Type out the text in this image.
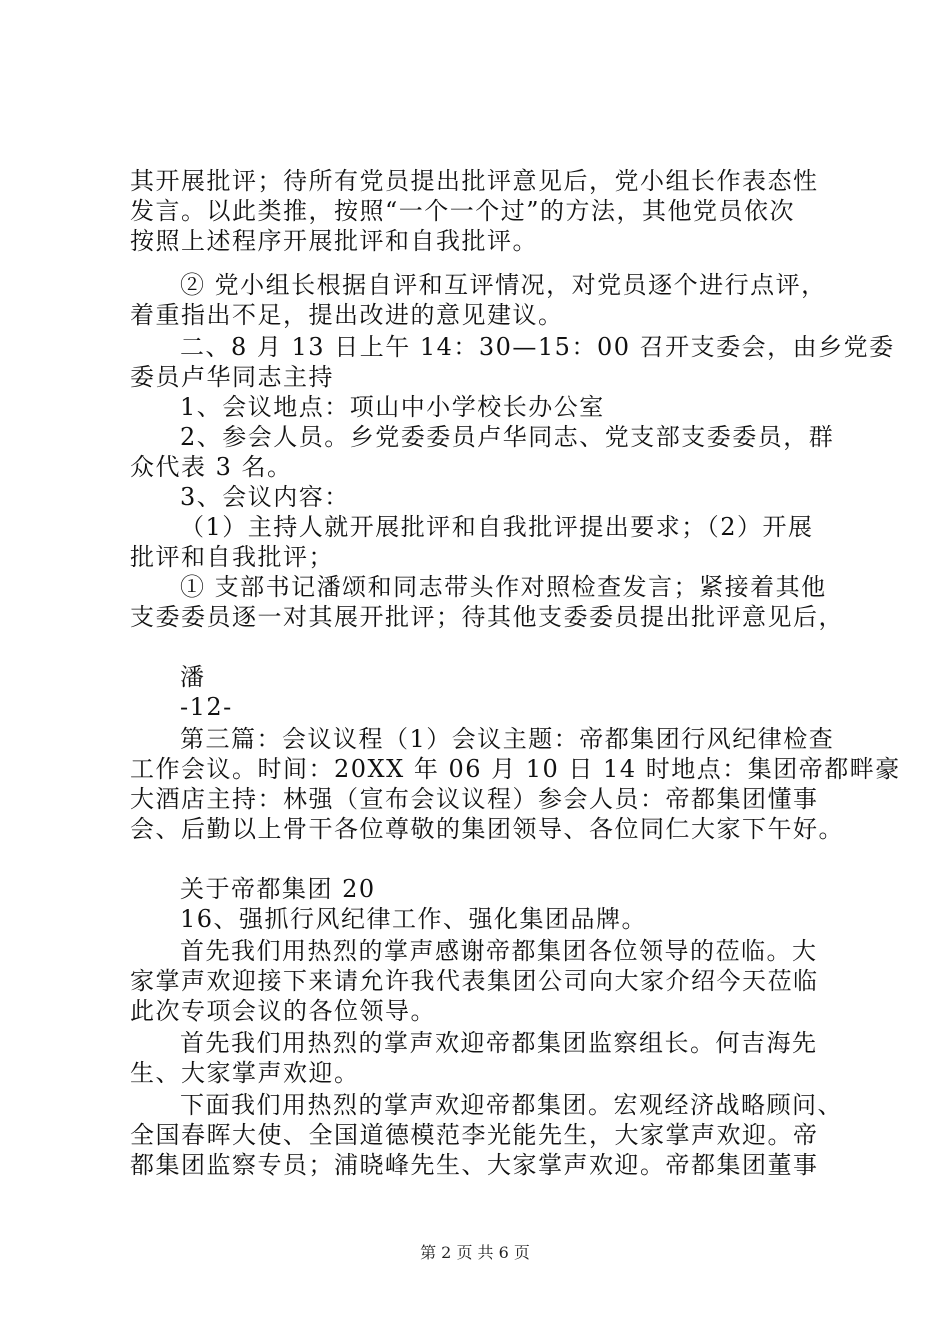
其开展批评；待所有党员提出批评意见后，党小组长作表态性
发言。以此类推，按照“一个一个过”的方法，其他党员依次
按照上述程序开展批评和自我批评。
② 党小组长根据自评和互评情况，对党员逐个进行点评，
着重指出不足，提出改进的意见建议。
二、8 月 13 日上午 14：30—15：00 召开支委会，由乡党委
委员卢华同志主持
1、会议地点：项山中小学校长办公室
2、参会人员。乡党委委员卢华同志、党支部支委委员，群
众代表 3 名。
3、会议内容：
（1）主持人就开展批评和自我批评提出要求；（2）开展
批评和自我批评；
① 支部书记潘颂和同志带头作对照检查发言；紧接着其他
支委委员逐一对其展开批评；待其他支委委员提出批评意见后，
潘
-12-
第三篇：会议议程（1）会议主题：帝都集团行风纪律检查
工作会议。时间：20XX 年 06 月 10 日 14 时地点：集团帝都畔豪
大酒店主持：林强（宣布会议议程）参会人员：帝都集团懂事
会、后勤以上骨干各位尊敬的集团领导、各位同仁大家下午好。
关于帝都集团 20
16、强抓行风纪律工作、强化集团品牌。
首先我们用热烈的掌声感谢帝都集团各位领导的莅临。大
家掌声欢迎接下来请允许我代表集团公司向大家介绍今天莅临
此次专项会议的各位领导。
首先我们用热烈的掌声欢迎帝都集团监察组长。何吉海先
生、大家掌声欢迎。
下面我们用热烈的掌声欢迎帝都集团。宏观经济战略顾问、
全国春晖大使、全国道德模范李光能先生，大家掌声欢迎。帝
都集团监察专员；浦晓峰先生、大家掌声欢迎。帝都集团董事
第 2 页 共 6 页
